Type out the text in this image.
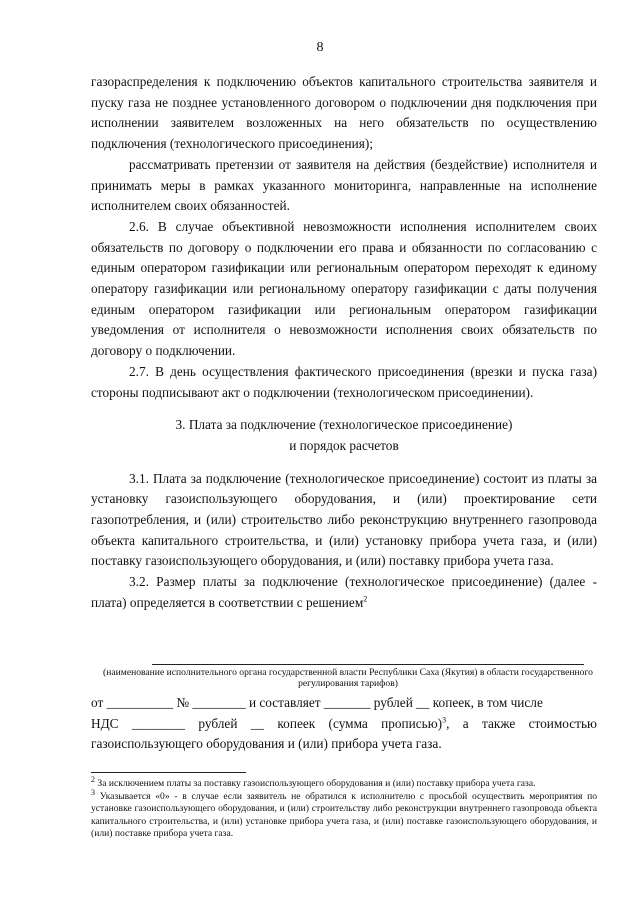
8

газораспределения к подключению объектов капитального строительства заявителя и пуску газа не позднее установленного договором о подключении дня подключения при исполнении заявителем возложенных на него обязательств по осуществлению подключения (технологического присоединения);

рассматривать претензии от заявителя на действия (бездействие) исполнителя и принимать меры в рамках указанного мониторинга, направленные на исполнение исполнителем своих обязанностей.

2.6. В случае объективной невозможности исполнения исполнителем своих обязательств по договору о подключении его права и обязанности по согласованию с единым оператором газификации или региональным оператором переходят к единому оператору газификации или региональному оператору газификации с даты получения единым оператором газификации или региональным оператором газификации уведомления от исполнителя о невозможности исполнения своих обязательств по договору о подключении.

2.7. В день осуществления фактического присоединения (врезки и пуска газа) стороны подписывают акт о подключении (технологическом присоединении).

3. Плата за подключение (технологическое присоединение)
и порядок расчетов

3.1. Плата за подключение (технологическое присоединение) состоит из платы за установку газоиспользующего оборудования, и (или) проектирование сети газопотребления, и (или) строительство либо реконструкцию внутреннего газопровода объекта капитального строительства, и (или) установку прибора учета газа, и (или) поставку газоиспользующего оборудования, и (или) поставку прибора учета газа.

3.2. Размер платы за подключение (технологическое присоединение) (далее - плата) определяется в соответствии с решением$^2$

(наименование исполнительного органа государственной власти Республики Саха (Якутия) в области государственного регулирования тарифов)

от __________ № ________ и составляет _______ рублей __ копеек, в том числе

НДС ________ рублей __ копеек (сумма прописью)$^3$, а также стоимостью газоиспользующего оборудования и (или) прибора учета газа.

$^2$ За исключением платы за поставку газоиспользующего оборудования и (или) поставку прибора учета газа.

$^3$ Указывается «0» - в случае если заявитель не обратился к исполнителю с просьбой осуществить мероприятия по установке газоиспользующего оборудования, и (или) строительству либо реконструкции внутреннего газопровода объекта капитального строительства, и (или) установке прибора учета газа, и (или) поставке газоиспользующего оборудования, и (или) поставке прибора учета газа.
